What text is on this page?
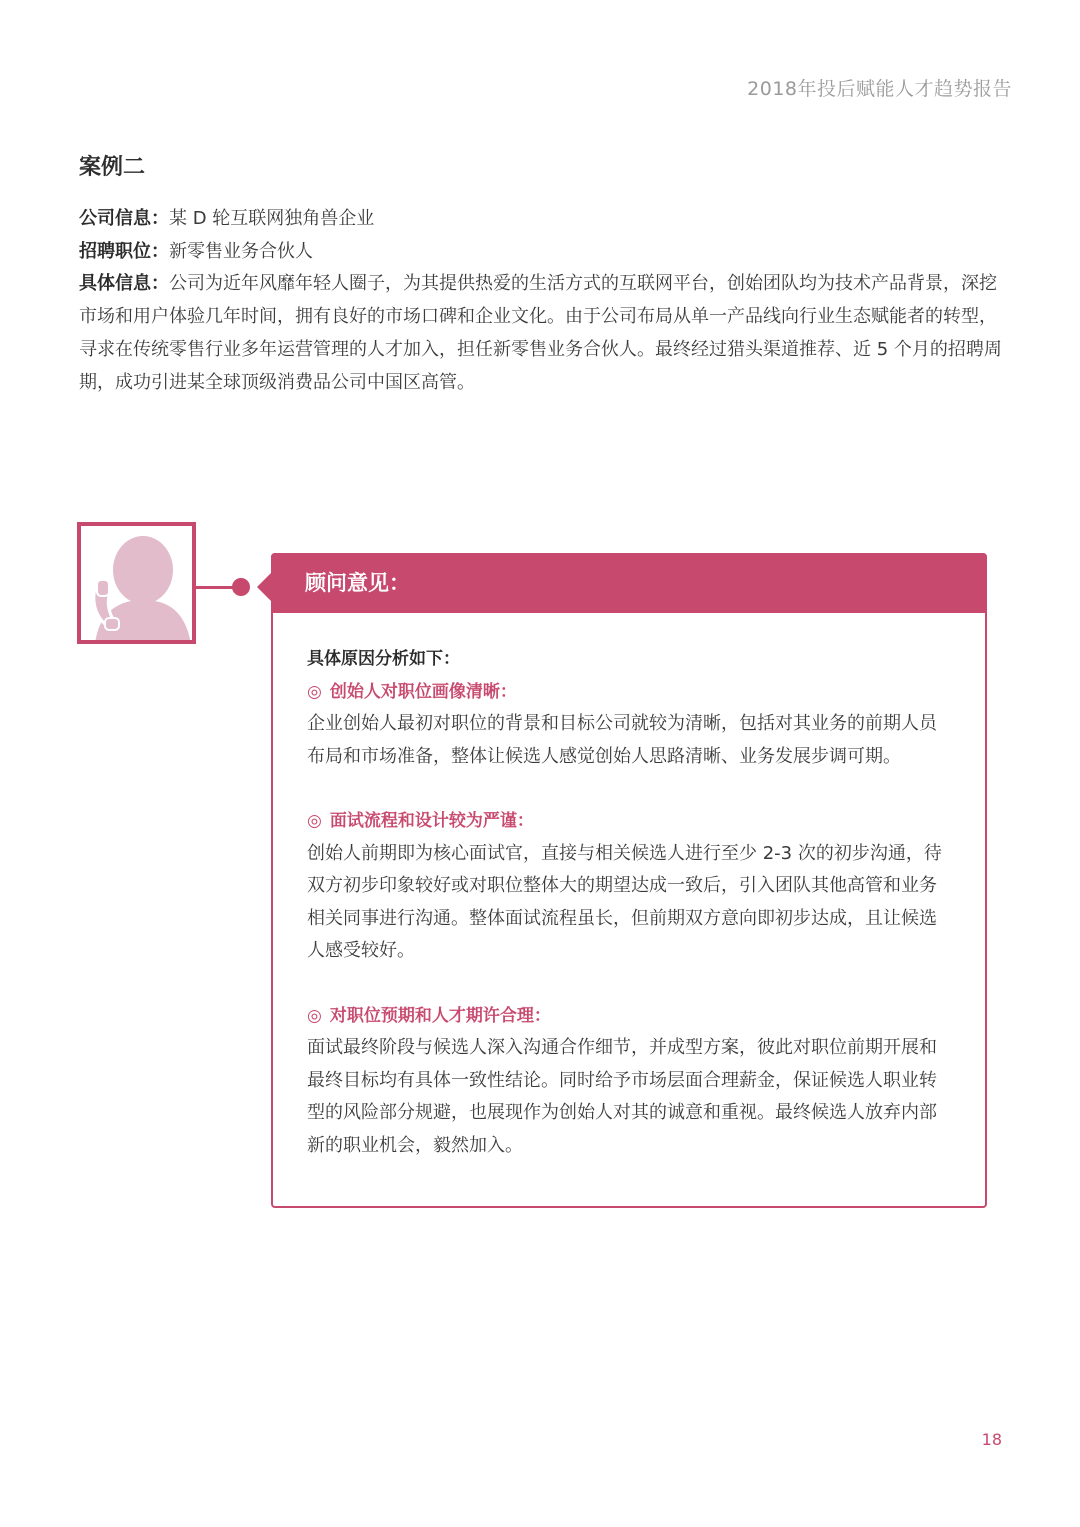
2018年投后赋能人才趋势报告
案例二

公司信息：某 D 轮互联网独角兽企业

招聘职位：新零售业务合伙人

具体信息：公司为近年风靡年轻人圈子，为其提供热爱的生活方式的互联网平台，创始团队均为技术产品背景，深挖

市场和用户体验几年时间，拥有良好的市场口碑和企业文化。由于公司布局从单一产品线向行业生态赋能者的转型，

寻求在传统零售行业多年运营管理的人才加入，担任新零售业务合伙人。最终经过猎头渠道推荐、近 5 个月的招聘周

期，成功引进某全球顶级消费品公司中国区高管。

顾问意见：

具体原因分析如下：

◎ 创始人对职位画像清晰：

企业创始人最初对职位的背景和目标公司就较为清晰，包括对其业务的前期人员

布局和市场准备，整体让候选人感觉创始人思路清晰、业务发展步调可期。

◎ 面试流程和设计较为严谨：

创始人前期即为核心面试官，直接与相关候选人进行至少 2-3 次的初步沟通，待

双方初步印象较好或对职位整体大的期望达成一致后，引入团队其他高管和业务

相关同事进行沟通。整体面试流程虽长，但前期双方意向即初步达成，且让候选

人感受较好。

◎ 对职位预期和人才期许合理：

面试最终阶段与候选人深入沟通合作细节，并成型方案，彼此对职位前期开展和

最终目标均有具体一致性结论。同时给予市场层面合理薪金，保证候选人职业转

型的风险部分规避，也展现作为创始人对其的诚意和重视。最终候选人放弃内部

新的职业机会，毅然加入。

18
